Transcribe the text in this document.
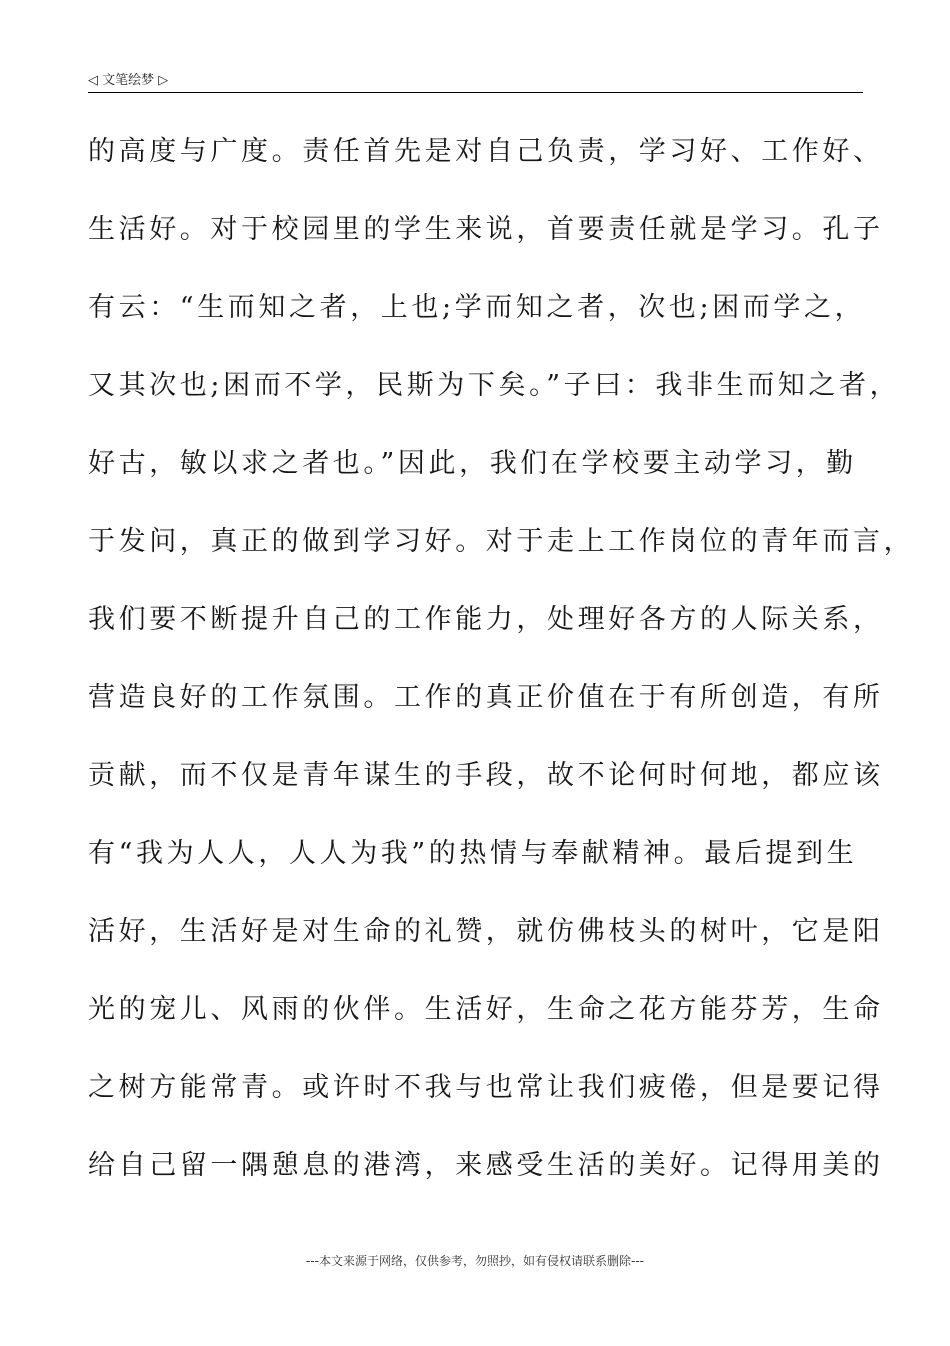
◁ 文笔绘梦 ▷
的高度与广度。责任首先是对自己负责，学习好、工作好、
生活好。对于校园里的学生来说，首要责任就是学习。孔子
有云：“生而知之者，上也;学而知之者，次也;困而学之，
又其次也;困而不学，民斯为下矣。”子曰：我非生而知之者，
好古，敏以求之者也。”因此，我们在学校要主动学习，勤
于发问，真正的做到学习好。对于走上工作岗位的青年而言，
我们要不断提升自己的工作能力，处理好各方的人际关系，
营造良好的工作氛围。工作的真正价值在于有所创造，有所
贡献，而不仅是青年谋生的手段，故不论何时何地，都应该
有“我为人人，人人为我”的热情与奉献精神。最后提到生
活好，生活好是对生命的礼赞，就仿佛枝头的树叶，它是阳
光的宠儿、风雨的伙伴。生活好，生命之花方能芬芳，生命
之树方能常青。或许时不我与也常让我们疲倦，但是要记得
给自己留一隅憩息的港湾，来感受生活的美好。记得用美的
---本文来源于网络，仅供参考，勿照抄，如有侵权请联系删除---
